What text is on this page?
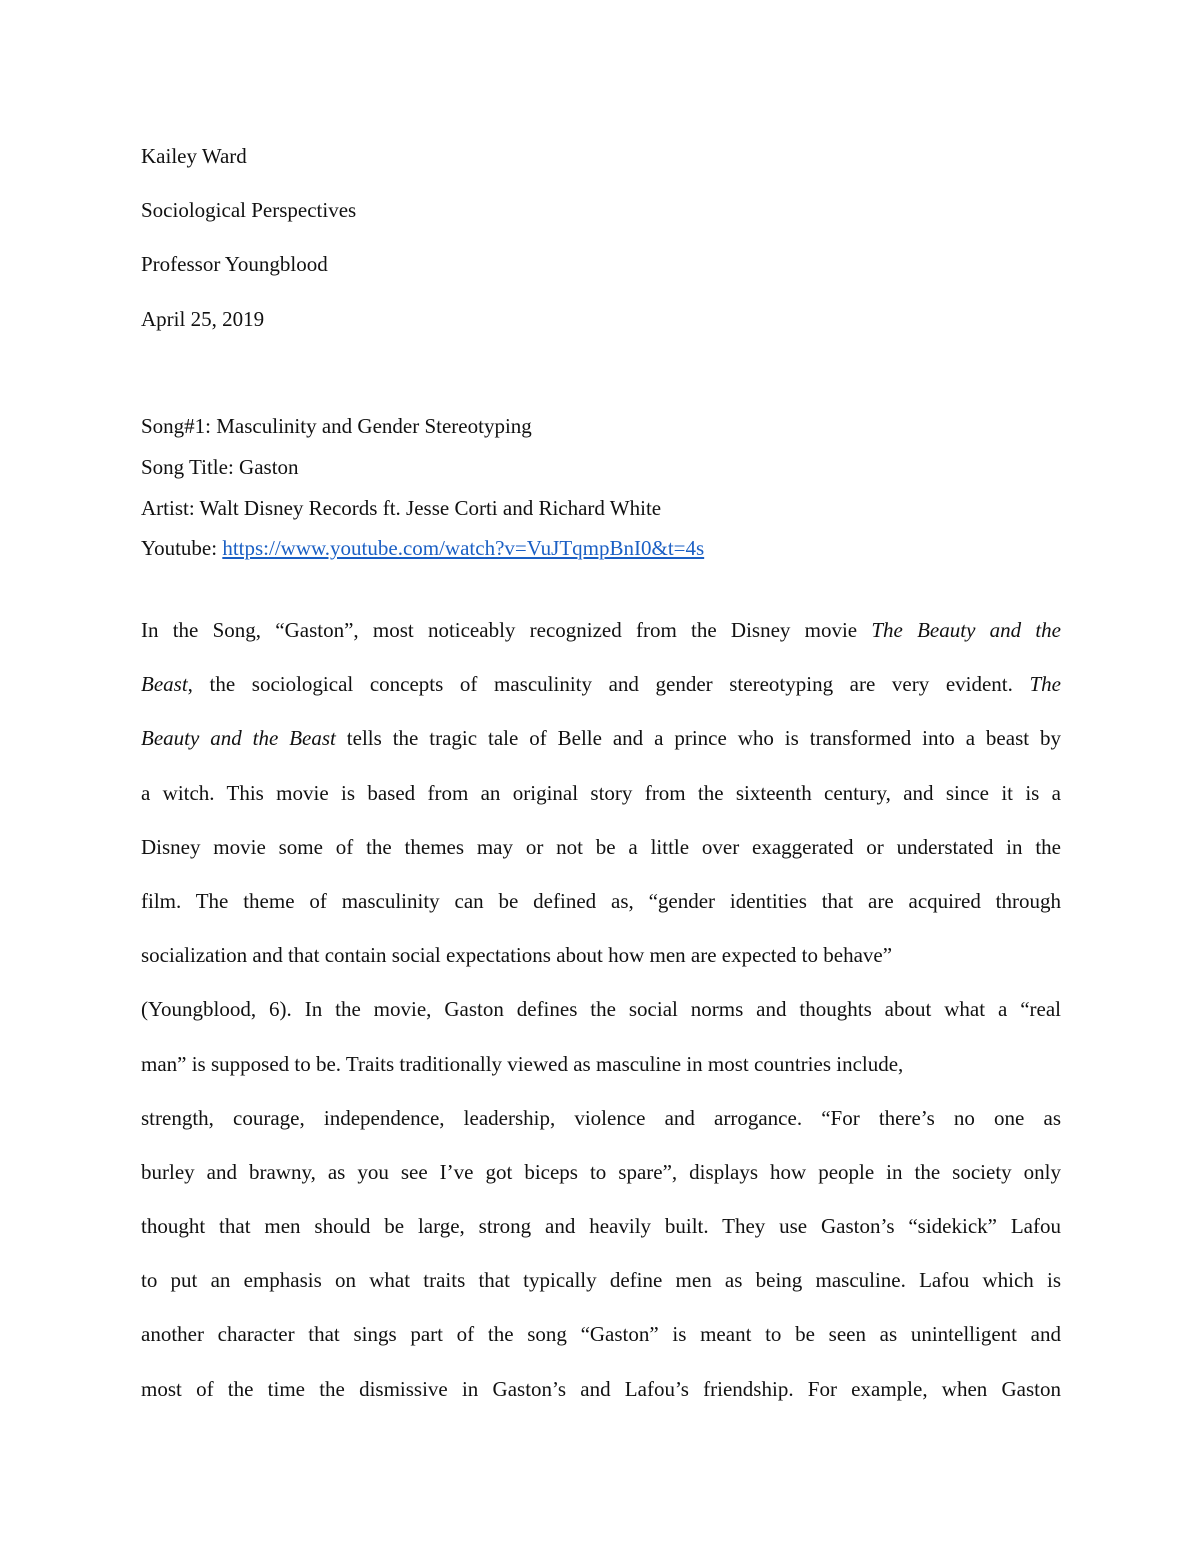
Kailey Ward

Sociological Perspectives

Professor Youngblood

April 25, 2019

Song#1: Masculinity and Gender Stereotyping

Song Title: Gaston

Artist: Walt Disney Records ft. Jesse Corti and Richard White

Youtube: https://www.youtube.com/watch?v=VuJTqmpBnI0&t=4s

In the Song, “Gaston”, most noticeably recognized from the Disney movie The Beauty and the
Beast, the sociological concepts of masculinity and gender stereotyping are very evident. The
Beauty and the Beast tells the tragic tale of Belle and a prince who is transformed into a beast by
a witch. This movie is based from an original story from the sixteenth century, and since it is a
Disney movie some of the themes may or not be a little over exaggerated or understated in the
film. The theme of masculinity can be defined as, “gender identities that are acquired through
socialization and that contain social expectations about how men are expected to behave”
(Youngblood, 6). In the movie, Gaston defines the social norms and thoughts about what a “real
man” is supposed to be. Traits traditionally viewed as masculine in most countries include,
strength, courage, independence, leadership, violence and arrogance. “For there’s no one as
burley and brawny, as you see I’ve got biceps to spare”, displays how people in the society only
thought that men should be large, strong and heavily built. They use Gaston’s “sidekick” Lafou
to put an emphasis on what traits that typically define men as being masculine. Lafou which is
another character that sings part of the song “Gaston” is meant to be seen as unintelligent and
most of the time the dismissive in Gaston’s and Lafou’s friendship. For example, when Gaston
